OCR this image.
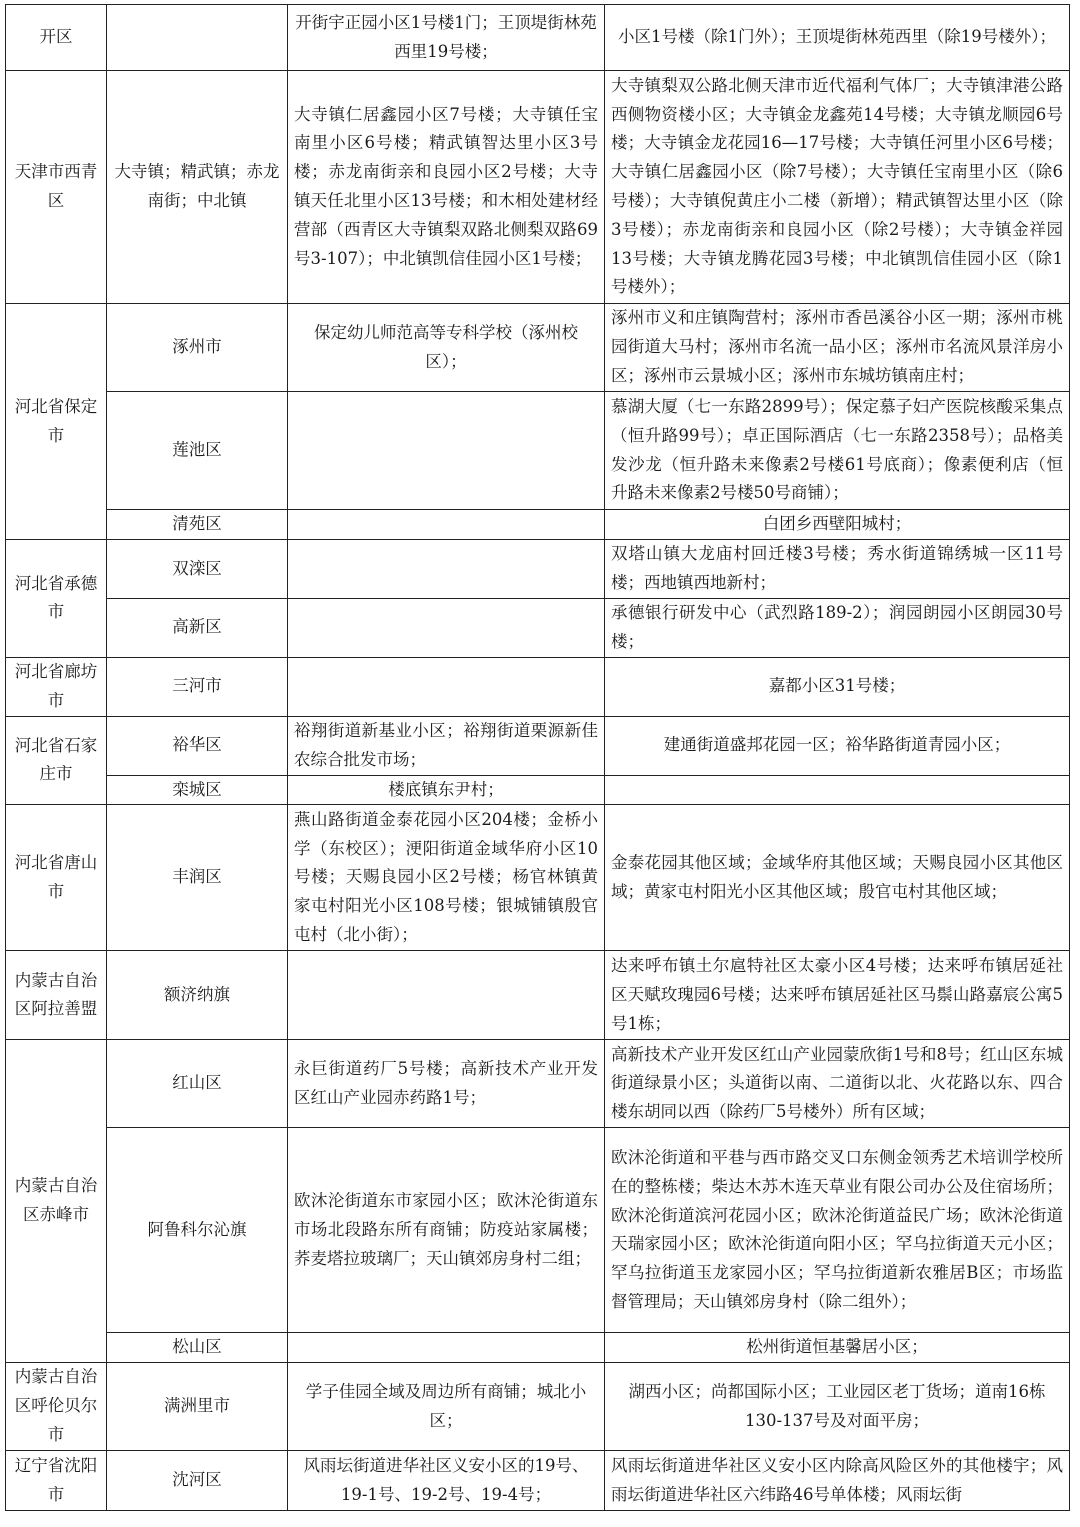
开区		开街宇正园小区1号楼1门；王顶堤街林苑西里19号楼；	小区1号楼（除1门外）；王顶堤街林苑西里（除19号楼外）；
天津市西青区	大寺镇；精武镇；赤龙南街；中北镇	大寺镇仁居鑫园小区7号楼；大寺镇任宝南里小区6号楼；精武镇智达里小区3号楼；赤龙南街亲和良园小区2号楼；大寺镇天任北里小区13号楼；和木相处建材经营部（西青区大寺镇梨双路北侧梨双路69号3-107）；中北镇凯信佳园小区1号楼；	大寺镇梨双公路北侧天津市近代福利气体厂；大寺镇津港公路西侧物资楼小区；大寺镇金龙鑫苑14号楼；大寺镇龙顺园6号楼；大寺镇金龙花园16—17号楼；大寺镇任河里小区6号楼；大寺镇仁居鑫园小区（除7号楼）；大寺镇任宝南里小区（除6号楼）；大寺镇倪黄庄小二楼（新增）；精武镇智达里小区（除3号楼）；赤龙南街亲和良园小区（除2号楼）；大寺镇金祥园13号楼；大寺镇龙腾花园3号楼；中北镇凯信佳园小区（除1号楼外）；
河北省保定市	涿州市	保定幼儿师范高等专科学校（涿州校区）；	涿州市义和庄镇陶营村；涿州市香邑溪谷小区一期；涿州市桃园街道大马村；涿州市名流一品小区；涿州市名流风景洋房小区；涿州市云景城小区；涿州市东城坊镇南庄村；
	莲池区		慕湖大厦（七一东路2899号）；保定慕子妇产医院核酸采集点（恒升路99号）；卓正国际酒店（七一东路2358号）；品格美发沙龙（恒升路未来像素2号楼61号底商）；像素便利店（恒升路未来像素2号楼50号商铺）；
	清苑区		白团乡西壁阳城村；
河北省承德市	双滦区		双塔山镇大龙庙村回迁楼3号楼；秀水街道锦绣城一区11号楼；西地镇西地新村；
	高新区		承德银行研发中心（武烈路189-2）；润园朗园小区朗园30号楼；
河北省廊坊市	三河市		嘉都小区31号楼；
河北省石家庄市	裕华区	裕翔街道新基业小区；裕翔街道栗源新佳农综合批发市场；	建通街道盛邦花园一区；裕华路街道青园小区；
	栾城区	楼底镇东尹村；	
河北省唐山市	丰润区	燕山路街道金泰花园小区204楼；金桥小学（东校区）；浭阳街道金域华府小区10号楼；天赐良园小区2号楼；杨官林镇黄家屯村阳光小区108号楼；银城铺镇殷官屯村（北小街）；	金泰花园其他区域；金域华府其他区域；天赐良园小区其他区域；黄家屯村阳光小区其他区域；殷官屯村其他区域；
内蒙古自治区阿拉善盟	额济纳旗		达来呼布镇土尔扈特社区太豪小区4号楼；达来呼布镇居延社区天赋玫瑰园6号楼；达来呼布镇居延社区马鬃山路嘉宸公寓5号1栋；
内蒙古自治区赤峰市	红山区	永巨街道药厂5号楼；高新技术产业开发区红山产业园赤药路1号；	高新技术产业开发区红山产业园蒙欣街1号和8号；红山区东城街道绿景小区；头道街以南、二道街以北、火花路以东、四合楼东胡同以西（除药厂5号楼外）所有区域；
	阿鲁科尔沁旗	欧沐沦街道东市家园小区；欧沐沦街道东市场北段路东所有商铺；防疫站家属楼；荞麦塔拉玻璃厂；天山镇郊房身村二组；	欧沐沦街道和平巷与西市路交叉口东侧金领秀艺术培训学校所在的整栋楼；柴达木苏木连天草业有限公司办公及住宿场所；欧沐沦街道滨河花园小区；欧沐沦街道益民广场；欧沐沦街道天瑞家园小区；欧沐沦街道向阳小区；罕乌拉街道天元小区；罕乌拉街道玉龙家园小区；罕乌拉街道新农雅居B区；市场监督管理局；天山镇郊房身村（除二组外）；
	松山区		松州街道恒基馨居小区；
内蒙古自治区呼伦贝尔市	满洲里市	学子佳园全域及周边所有商铺；城北小区；	湖西小区；尚都国际小区；工业园区老丁货场；道南16栋130-137号及对面平房；
辽宁省沈阳市	沈河区	风雨坛街道进华社区义安小区的19号、19-1号、19-2号、19-4号；	风雨坛街道进华社区义安小区内除高风险区外的其他楼宇；风雨坛街道进华社区六纬路46号单体楼；风雨坛街
